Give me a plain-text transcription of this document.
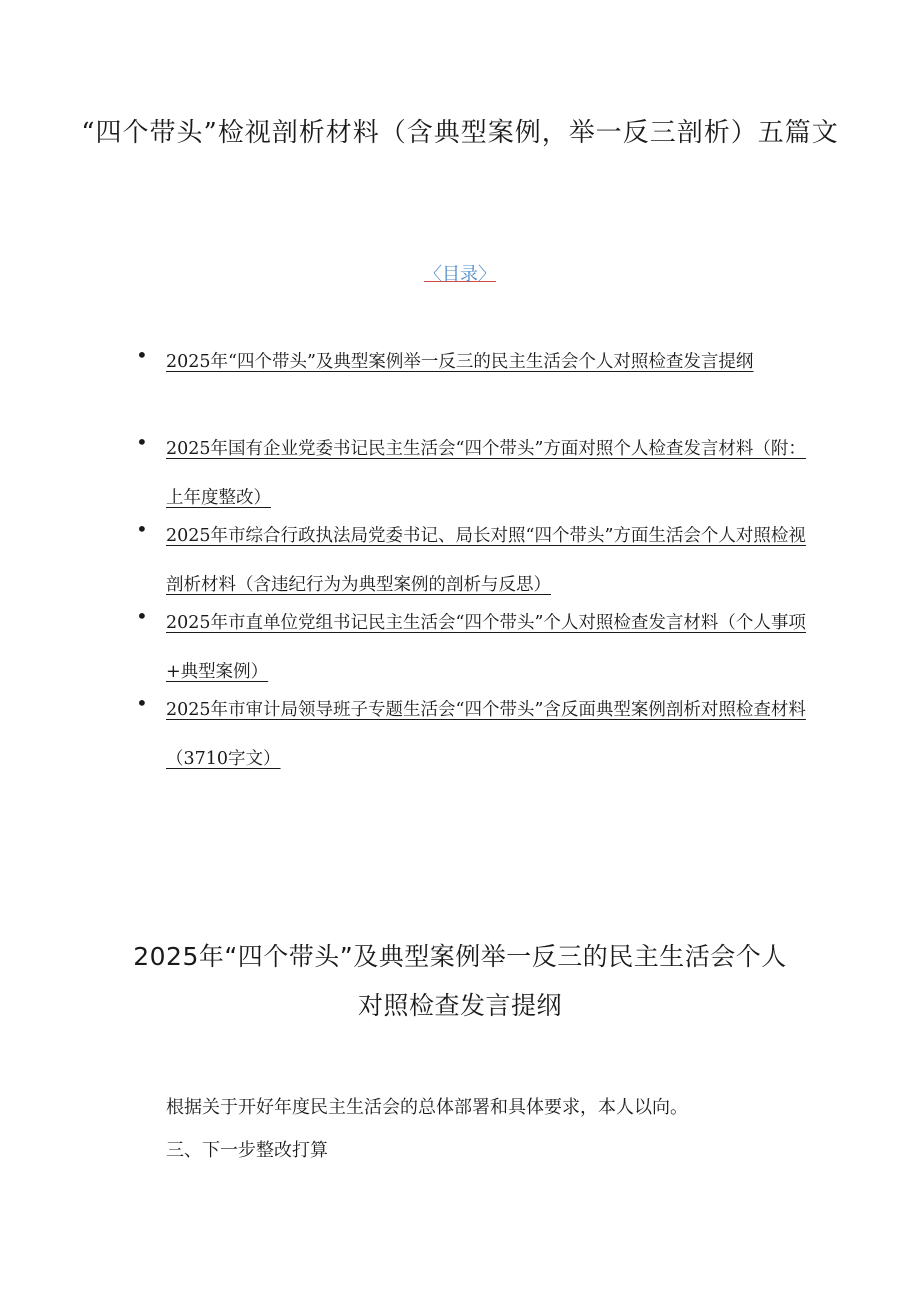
“四个带头”检视剖析材料（含典型案例，举一反三剖析）五篇文
〈目录〉
• 2025年“四个带头”及典型案例举一反三的民主生活会个人对照检查发言提纲
• 2025年国有企业党委书记民主生活会“四个带头”方面对照个人检查发言材料（附：上年度整改）
• 2025年市综合行政执法局党委书记、局长对照“四个带头”方面生活会个人对照检视剖析材料（含违纪行为为典型案例的剖析与反思）
• 2025年市直单位党组书记民主生活会“四个带头”个人对照检查发言材料（个人事项+典型案例）
• 2025年市审计局领导班子专题生活会“四个带头”含反面典型案例剖析对照检查材料（3710字文）
2025年“四个带头”及典型案例举一反三的民主生活会个人对照检查发言提纲

根据关于开好年度民主生活会的总体部署和具体要求，本人以向。

三、下一步整改打算
